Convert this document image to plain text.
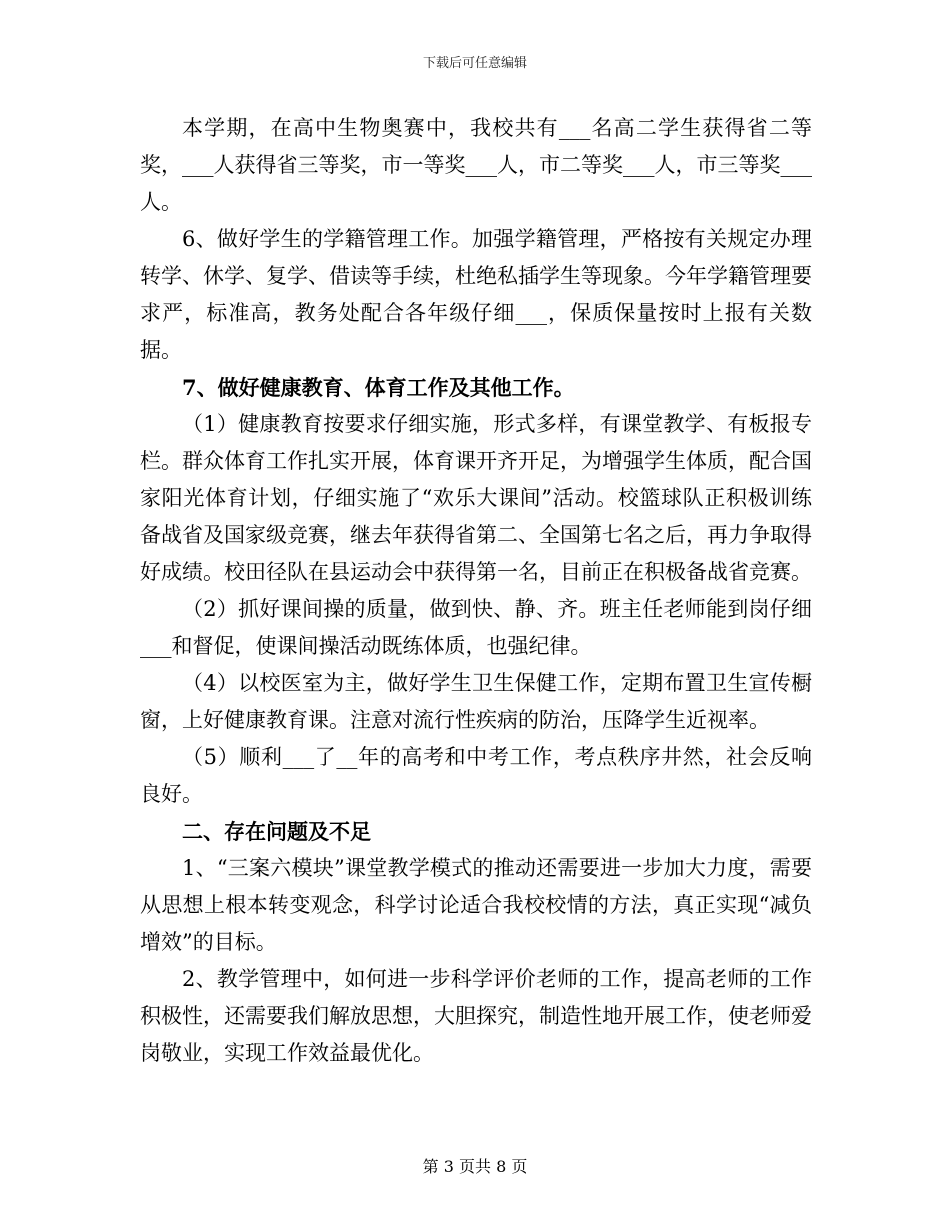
下载后可任意编辑

本学期，在高中生物奥赛中，我校共有___名高二学生获得省二等奖，___人获得省三等奖，市一等奖___人，市二等奖___人，市三等奖___人。

6、做好学生的学籍管理工作。加强学籍管理，严格按有关规定办理转学、休学、复学、借读等手续，杜绝私插学生等现象。今年学籍管理要求严，标准高，教务处配合各年级仔细___，保质保量按时上报有关数据。

7、做好健康教育、体育工作及其他工作。

（1）健康教育按要求仔细实施，形式多样，有课堂教学、有板报专栏。群众体育工作扎实开展，体育课开齐开足，为增强学生体质，配合国家阳光体育计划，仔细实施了“欢乐大课间”活动。校篮球队正积极训练备战省及国家级竞赛，继去年获得省第二、全国第七名之后，再力争取得好成绩。校田径队在县运动会中获得第一名，目前正在积极备战省竞赛。

（2）抓好课间操的质量，做到快、静、齐。班主任老师能到岗仔细___和督促，使课间操活动既练体质，也强纪律。

（4）以校医室为主，做好学生卫生保健工作，定期布置卫生宣传橱窗，上好健康教育课。注意对流行性疾病的防治，压降学生近视率。

（5）顺利___了__年的高考和中考工作，考点秩序井然，社会反响良好。

二、存在问题及不足

1、“三案六模块”课堂教学模式的推动还需要进一步加大力度，需要从思想上根本转变观念，科学讨论适合我校校情的方法，真正实现“减负增效”的目标。

2、教学管理中，如何进一步科学评价老师的工作，提高老师的工作积极性，还需要我们解放思想，大胆探究，制造性地开展工作，使老师爱岗敬业，实现工作效益最优化。

第 3 页共 8 页
